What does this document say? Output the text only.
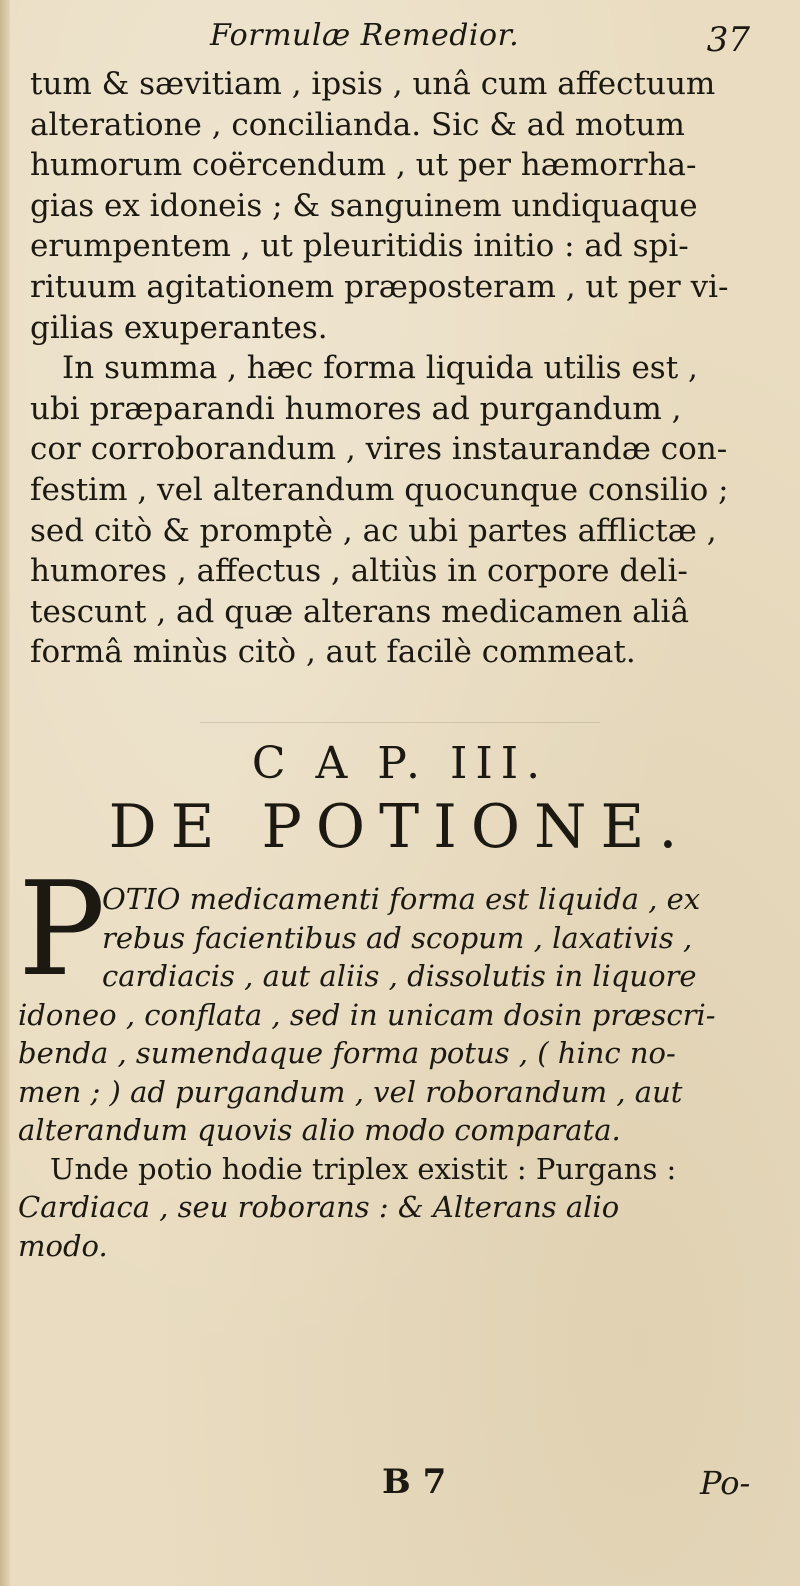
Formulæ Remedior.	37
tum & sævitiam , ipsis , unâ cum affectuum
alteratione , concilianda. Sic & ad motum
humorum coërcendum , ut per hæmorrha-
gias ex idoneis ; & sanguinem undiquaque
erumpentem , ut pleuritidis initio : ad spi-
rituum agitationem præposteram , ut per vi-
gilias exuperantes.
In summa , hæc forma liquida utilis est ,
ubi præparandi humores ad purgandum ,
cor corroborandum , vires instaurandæ con-
festim , vel alterandum quocunque consilio ;
sed citò & promptè , ac ubi partes afflictæ ,
humores , affectus , altiùs in corpore deli-
tescunt , ad quæ alterans medicamen aliâ
formâ minùs citò , aut facilè commeat.
C A P. III.
DE POTIONE.
P
OTIO medicamenti forma est liquida , ex
rebus facientibus ad scopum , laxativis ,
cardiacis , aut aliis , dissolutis in liquore
idoneo , conflata , sed in unicam dosin præscri-
benda , sumendaque forma potus , ( hinc no-
men ; ) ad purgandum , vel roborandum , aut
alterandum quovis alio modo comparata.
Unde potio hodie triplex existit : Purgans :
Cardiaca , seu roborans : & Alterans alio
modo.
B 7	Po-
